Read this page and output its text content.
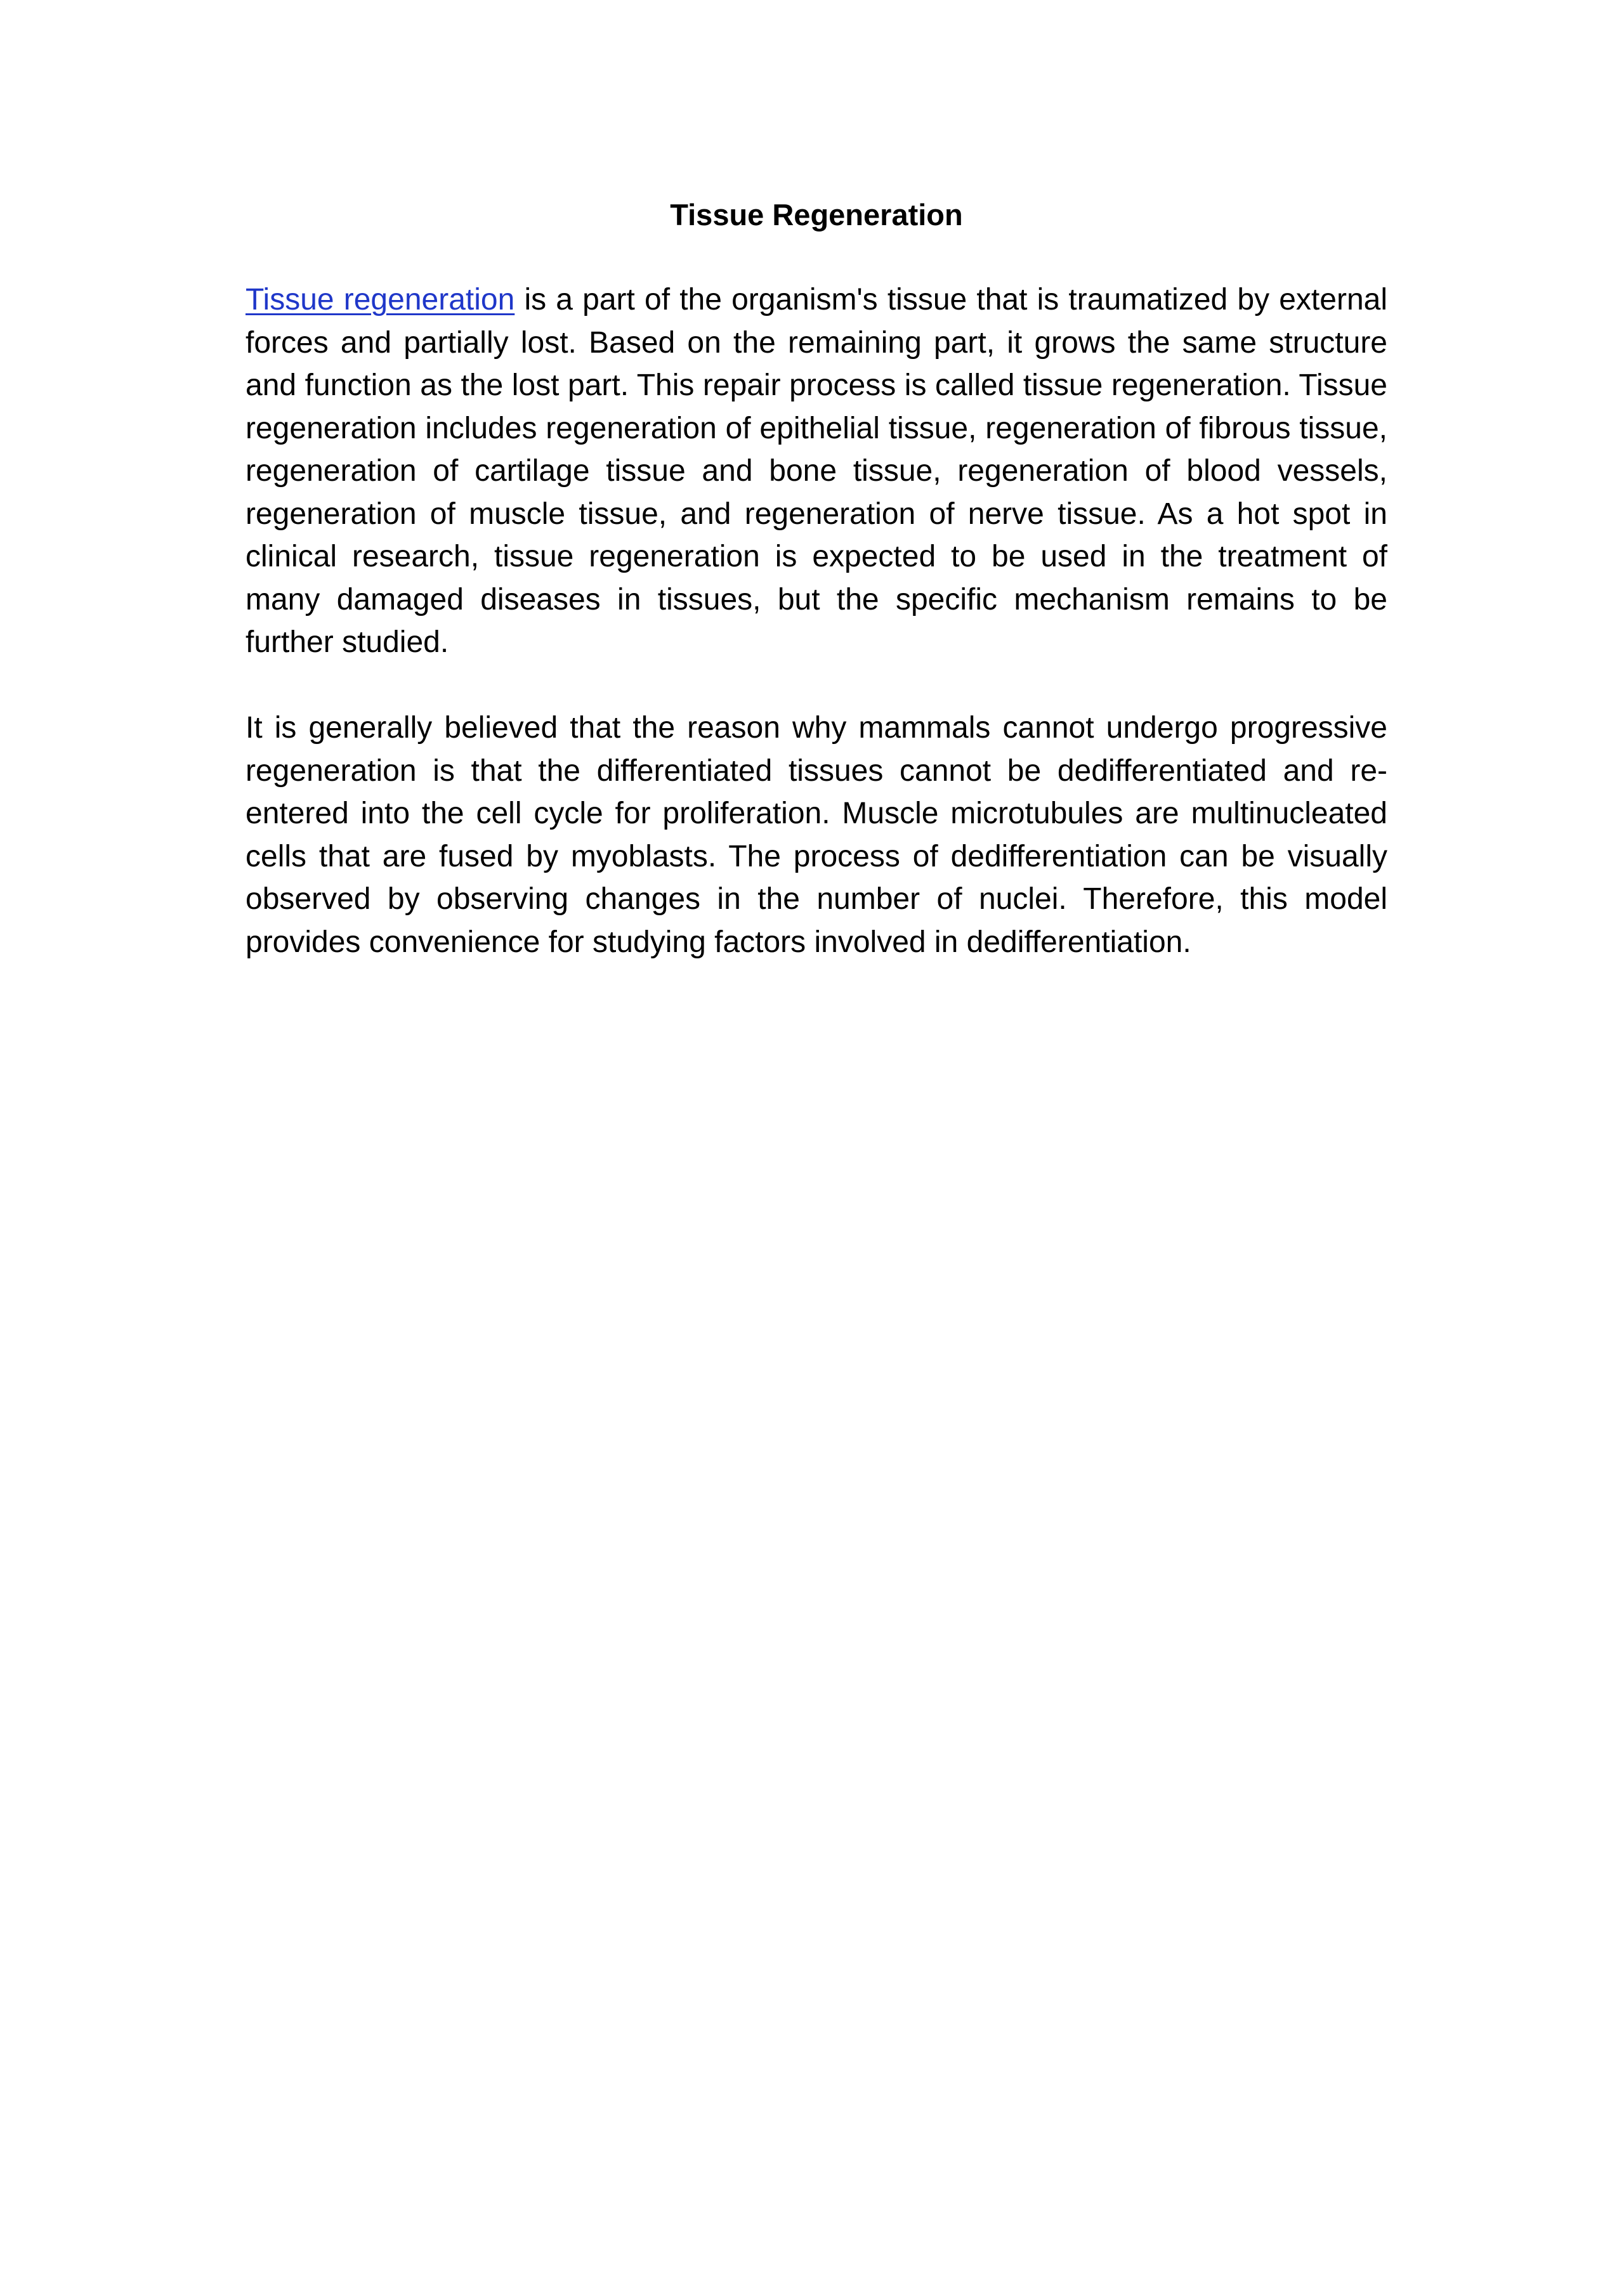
Tissue Regeneration

Tissue regeneration is a part of the organism's tissue that is traumatized by external forces and partially lost. Based on the remaining part, it grows the same structure and function as the lost part. This repair process is called tissue regeneration. Tissue regeneration includes regeneration of epithelial tissue, regeneration of fibrous tissue, regeneration of cartilage tissue and bone tissue, regeneration of blood vessels, regeneration of muscle tissue, and regeneration of nerve tissue. As a hot spot in clinical research, tissue regeneration is expected to be used in the treatment of many damaged diseases in tissues, but the specific mechanism remains to be further studied.

It is generally believed that the reason why mammals cannot undergo progressive regeneration is that the differentiated tissues cannot be dedifferentiated and re-entered into the cell cycle for proliferation. Muscle microtubules are multinucleated cells that are fused by myoblasts. The process of dedifferentiation can be visually observed by observing changes in the number of nuclei. Therefore, this model provides convenience for studying factors involved in dedifferentiation.
